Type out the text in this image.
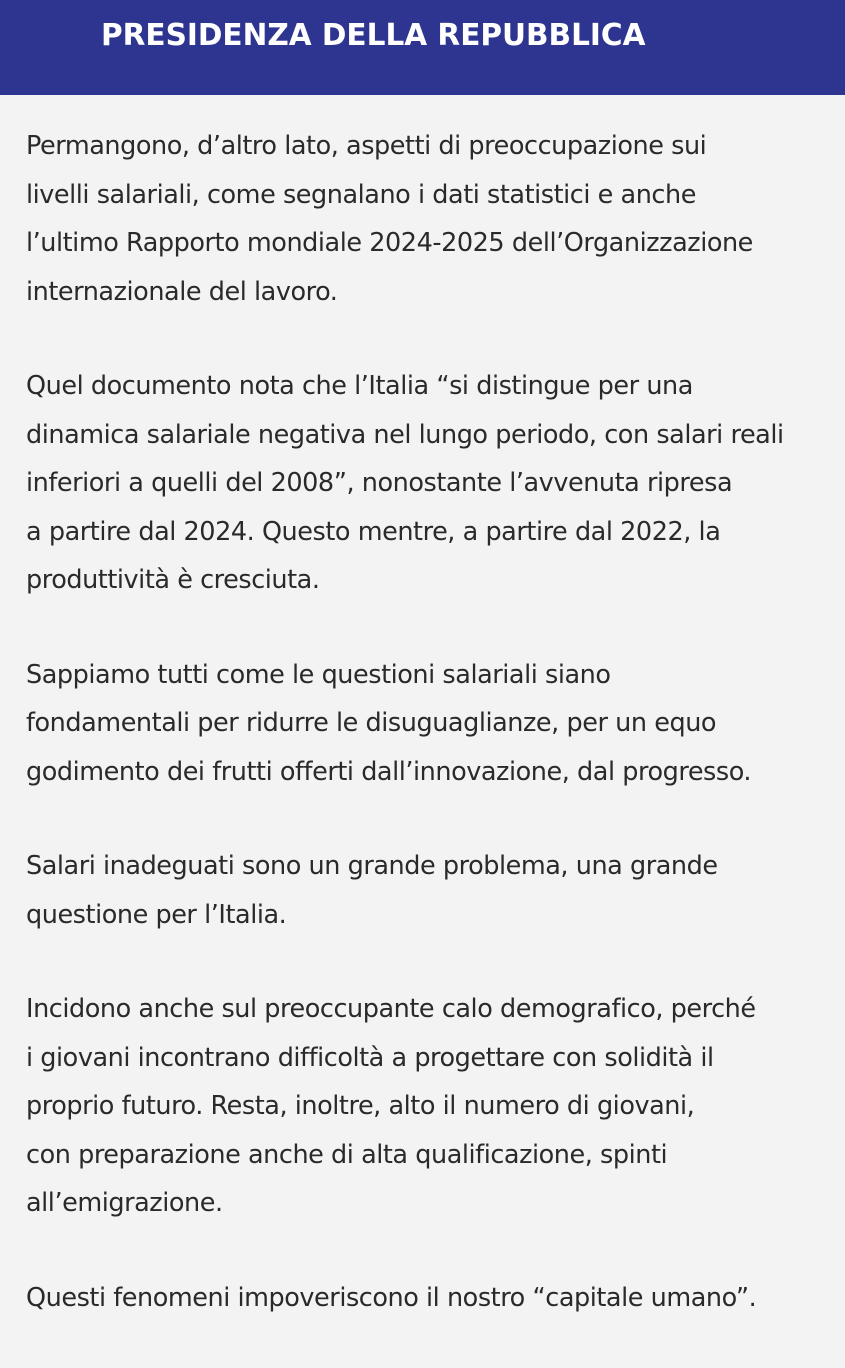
PRESIDENZA DELLA REPUBBLICA

Permangono, d’altro lato, aspetti di preoccupazione sui
livelli salariali, come segnalano i dati statistici e anche
l’ultimo Rapporto mondiale 2024-2025 dell’Organizzazione
internazionale del lavoro.

Quel documento nota che l’Italia “si distingue per una
dinamica salariale negativa nel lungo periodo, con salari reali
inferiori a quelli del 2008”, nonostante l’avvenuta ripresa
a partire dal 2024. Questo mentre, a partire dal 2022, la
produttività è cresciuta.

Sappiamo tutti come le questioni salariali siano
fondamentali per ridurre le disuguaglianze, per un equo
godimento dei frutti offerti dall’innovazione, dal progresso.

Salari inadeguati sono un grande problema, una grande
questione per l’Italia.

Incidono anche sul preoccupante calo demografico, perché
i giovani incontrano difficoltà a progettare con solidità il
proprio futuro. Resta, inoltre, alto il numero di giovani,
con preparazione anche di alta qualificazione, spinti
all’emigrazione.

Questi fenomeni impoveriscono il nostro “capitale umano”.
